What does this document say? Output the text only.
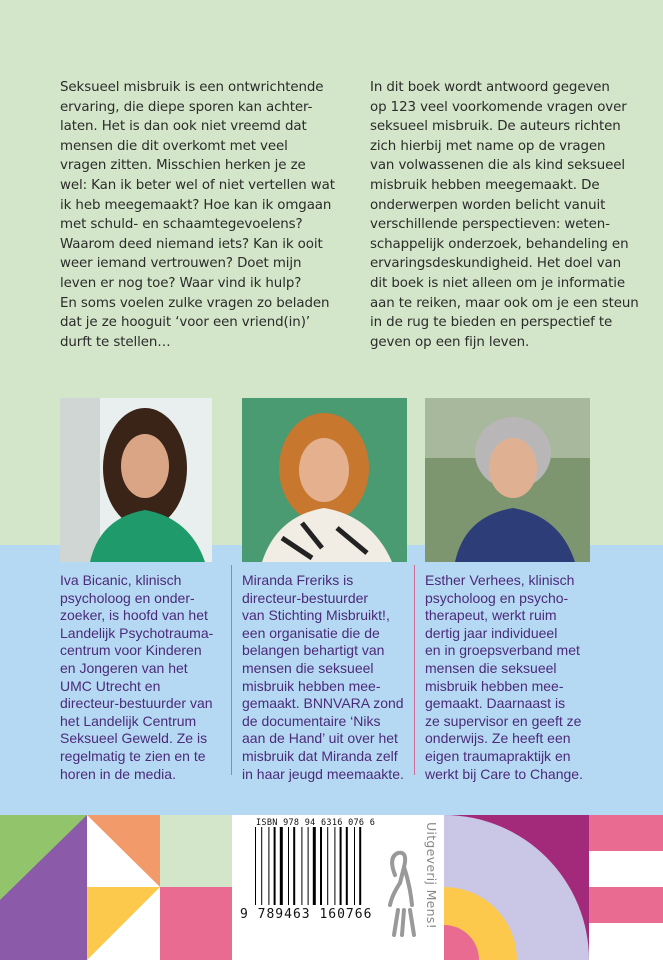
Seksueel misbruik is een ontwrichtende
ervaring, die diepe sporen kan achter-
laten. Het is dan ook niet vreemd dat
mensen die dit overkomt met veel
vragen zitten. Misschien herken je ze
wel: Kan ik beter wel of niet vertellen wat
ik heb meegemaakt? Hoe kan ik omgaan
met schuld- en schaamtegevoelens?
Waarom deed niemand iets? Kan ik ooit
weer iemand vertrouwen? Doet mijn
leven er nog toe? Waar vind ik hulp?
En soms voelen zulke vragen zo beladen
dat je ze hooguit ‘voor een vriend(in)’
durft te stellen…
In dit boek wordt antwoord gegeven
op 123 veel voorkomende vragen over
seksueel misbruik. De auteurs richten
zich hierbij met name op de vragen
van volwassenen die als kind seksueel
misbruik hebben meegemaakt. De
onderwerpen worden belicht vanuit
verschillende perspectieven: weten-
schappelijk onderzoek, behandeling en
ervaringsdeskundigheid. Het doel van
dit boek is niet alleen om je informatie
aan te reiken, maar ook om je een steun
in de rug te bieden en perspectief te
geven op een fijn leven.
Iva Bicanic, klinisch
psycholoog en onder-
zoeker, is hoofd van het
Landelijk Psychotrauma-
centrum voor Kinderen
en Jongeren van het
UMC Utrecht en
directeur-bestuurder van
het Landelijk Centrum
Seksueel Geweld. Ze is
regelmatig te zien en te
horen in de media.
Miranda Freriks is
directeur-bestuurder
van Stichting Misbruikt!,
een organisatie die de
belangen behartigt van
mensen die seksueel
misbruik hebben mee-
gemaakt. BNNVARA zond
de documentaire ‘Niks
aan de Hand’ uit over het
misbruik dat Miranda zelf
in haar jeugd meemaakte.
Esther Verhees, klinisch
psycholoog en psycho-
therapeut, werkt ruim
dertig jaar individueel
en in groepsverband met
mensen die seksueel
misbruik hebben mee-
gemaakt. Daarnaast is
ze supervisor en geeft ze
onderwijs. Ze heeft een
eigen traumapraktijk en
werkt bij Care to Change.
ISBN 978 94 6316 076 6
9 789463 160766	Uitgeverij Mens!
